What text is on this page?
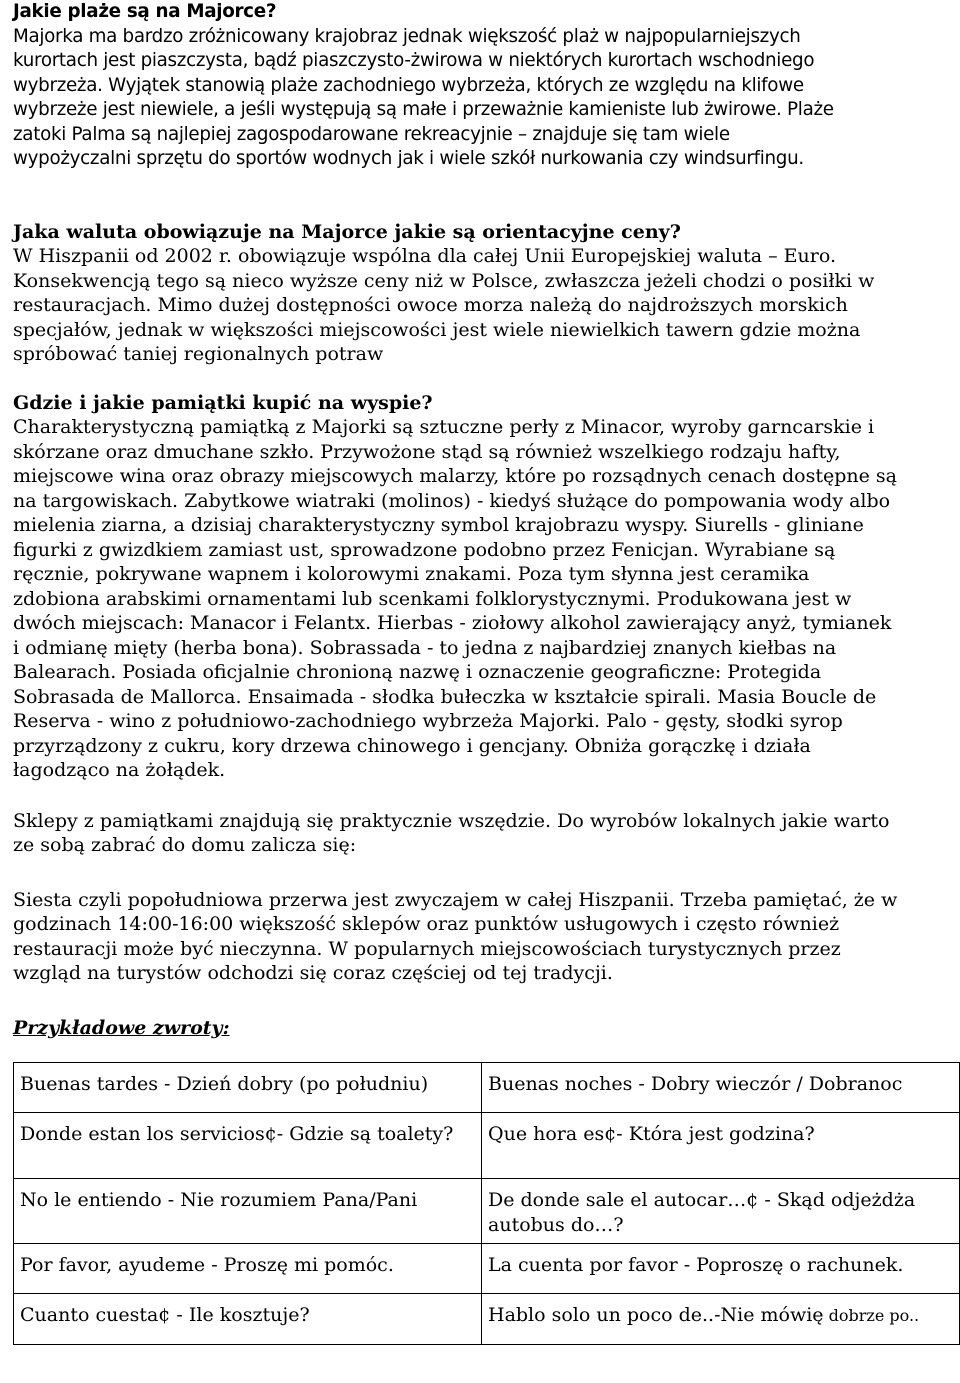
Jakie plaże są na Majorce?

Majorka ma bardzo zróżnicowany krajobraz jednak większość plaż w najpopularniejszych

kurortach jest piaszczysta, bądź piaszczysto-żwirowa w niektórych kurortach wschodniego

wybrzeża. Wyjątek stanowią plaże zachodniego wybrzeża, których ze względu na klifowe

wybrzeże jest niewiele, a jeśli występują są małe i przeważnie kamieniste lub żwirowe. Plaże

zatoki Palma są najlepiej zagospodarowane rekreacyjnie – znajduje się tam wiele

wypożyczalni sprzętu do sportów wodnych jak i wiele szkół nurkowania czy windsurfingu.

Jaka waluta obowiązuje na Majorce jakie są orientacyjne ceny?

W Hiszpanii od 2002 r. obowiązuje wspólna dla całej Unii Europejskiej waluta – Euro.

Konsekwencją tego są nieco wyższe ceny niż w Polsce, zwłaszcza jeżeli chodzi o posiłki w

restauracjach. Mimo dużej dostępności owoce morza należą do najdroższych morskich

specjałów, jednak w większości miejscowości jest wiele niewielkich tawern gdzie można

spróbować taniej regionalnych potraw

Gdzie i jakie pamiątki kupić na wyspie?

Charakterystyczną pamiątką z Majorki są sztuczne perły z Minacor, wyroby garncarskie i

skórzane oraz dmuchane szkło. Przywożone stąd są również wszelkiego rodzaju hafty,

miejscowe wina oraz obrazy miejscowych malarzy, które po rozsądnych cenach dostępne są

na targowiskach. Zabytkowe wiatraki (molinos) - kiedyś służące do pompowania wody albo

mielenia ziarna, a dzisiaj charakterystyczny symbol krajobrazu wyspy. Siurells - gliniane

figurki z gwizdkiem zamiast ust, sprowadzone podobno przez Fenicjan. Wyrabiane są

ręcznie, pokrywane wapnem i kolorowymi znakami. Poza tym słynna jest ceramika

zdobiona arabskimi ornamentami lub scenkami folklorystycznymi. Produkowana jest w

dwóch miejscach: Manacor i Felantx. Hierbas - ziołowy alkohol zawierający anyż, tymianek

i odmianę mięty (herba bona). Sobrassada - to jedna z najbardziej znanych kiełbas na

Balearach. Posiada oficjalnie chronioną nazwę i oznaczenie geograficzne: Protegida

Sobrasada de Mallorca. Ensaimada - słodka bułeczka w kształcie spirali. Masia Boucle de

Reserva - wino z południowo-zachodniego wybrzeża Majorki. Palo - gęsty, słodki syrop

przyrządzony z cukru, kory drzewa chinowego i gencjany. Obniża gorączkę i działa

łagodząco na żołądek.

Sklepy z pamiątkami znajdują się praktycznie wszędzie. Do wyrobów lokalnych jakie warto

ze sobą zabrać do domu zalicza się:

Siesta czyli popołudniowa przerwa jest zwyczajem w całej Hiszpanii. Trzeba pamiętać, że w

godzinach 14:00-16:00 większość sklepów oraz punktów usługowych i często również

restauracji może być nieczynna. W popularnych miejscowościach turystycznych przez

wzgląd na turystów odchodzi się coraz częściej od tej tradycji.

Przykładowe zwroty:

Buenas tardes - Dzień dobry (po południu)	Buenas noches - Dobry wieczór / Dobranoc
Donde estan los servicios¢- Gdzie są toalety?	Que hora es¢- Która jest godzina?
No le entiendo - Nie rozumiem Pana/Pani	De donde sale el autocar…¢ - Skąd odjeżdża autobus do…?
Por favor, ayudeme - Proszę mi pomóc.	La cuenta por favor - Poproszę o rachunek.
Cuanto cuesta¢ - Ile kosztuje?	Hablo solo un poco de..-Nie mówię dobrze po..
